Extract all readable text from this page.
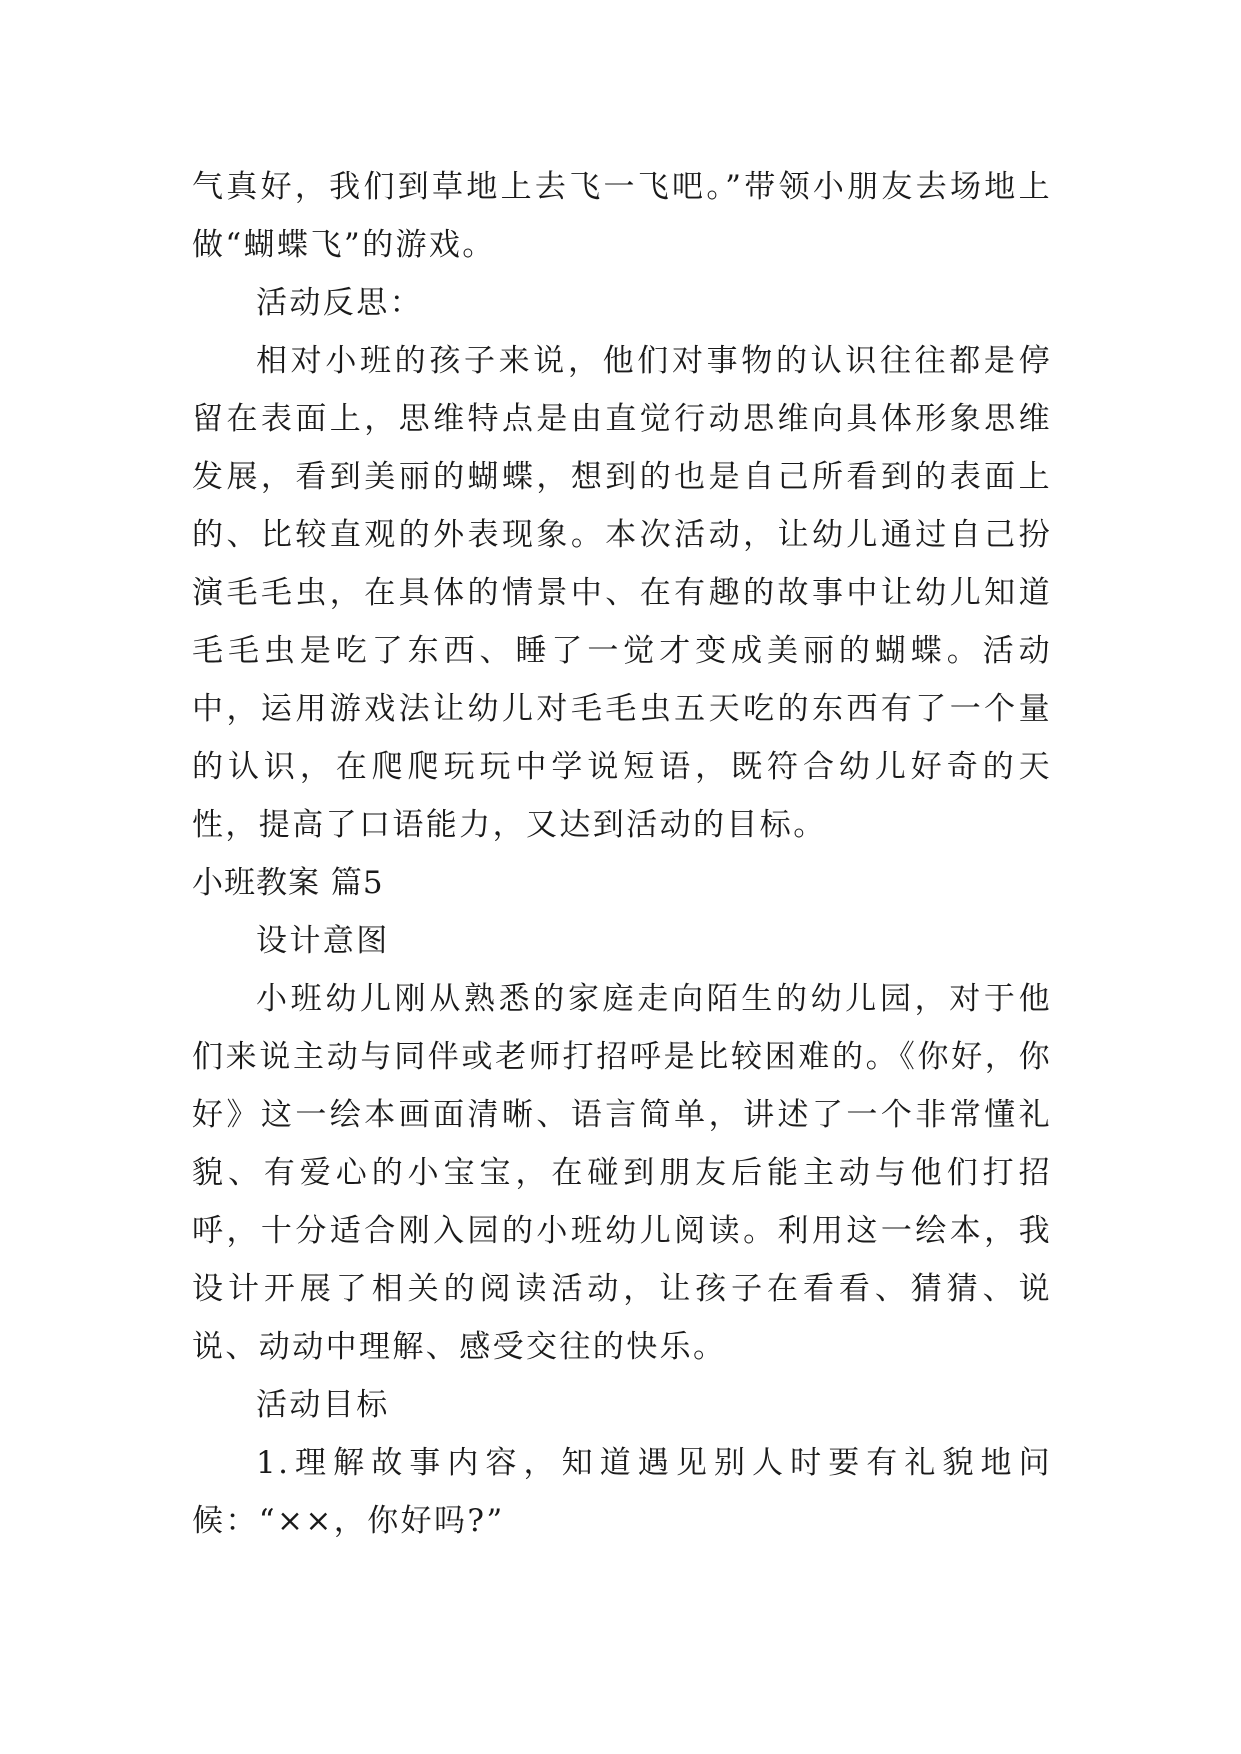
气真好，我们到草地上去飞一飞吧。”带领小朋友去场地上做“蝴蝶飞”的游戏。

活动反思：

相对小班的孩子来说，他们对事物的认识往往都是停留在表面上，思维特点是由直觉行动思维向具体形象思维发展，看到美丽的蝴蝶，想到的也是自己所看到的表面上的、比较直观的外表现象。本次活动，让幼儿通过自己扮演毛毛虫，在具体的情景中、在有趣的故事中让幼儿知道毛毛虫是吃了东西、睡了一觉才变成美丽的蝴蝶。活动中，运用游戏法让幼儿对毛毛虫五天吃的东西有了一个量的认识，在爬爬玩玩中学说短语，既符合幼儿好奇的天性，提高了口语能力，又达到活动的目标。

小班教案 篇5

设计意图

小班幼儿刚从熟悉的家庭走向陌生的幼儿园，对于他们来说主动与同伴或老师打招呼是比较困难的。《你好，你好》这一绘本画面清晰、语言简单，讲述了一个非常懂礼貌、有爱心的小宝宝，在碰到朋友后能主动与他们打招呼，十分适合刚入园的小班幼儿阅读。利用这一绘本，我设计开展了相关的阅读活动，让孩子在看看、猜猜、说说、动动中理解、感受交往的快乐。

活动目标

1.理解故事内容，知道遇见别人时要有礼貌地问候：“××，你好吗?”
